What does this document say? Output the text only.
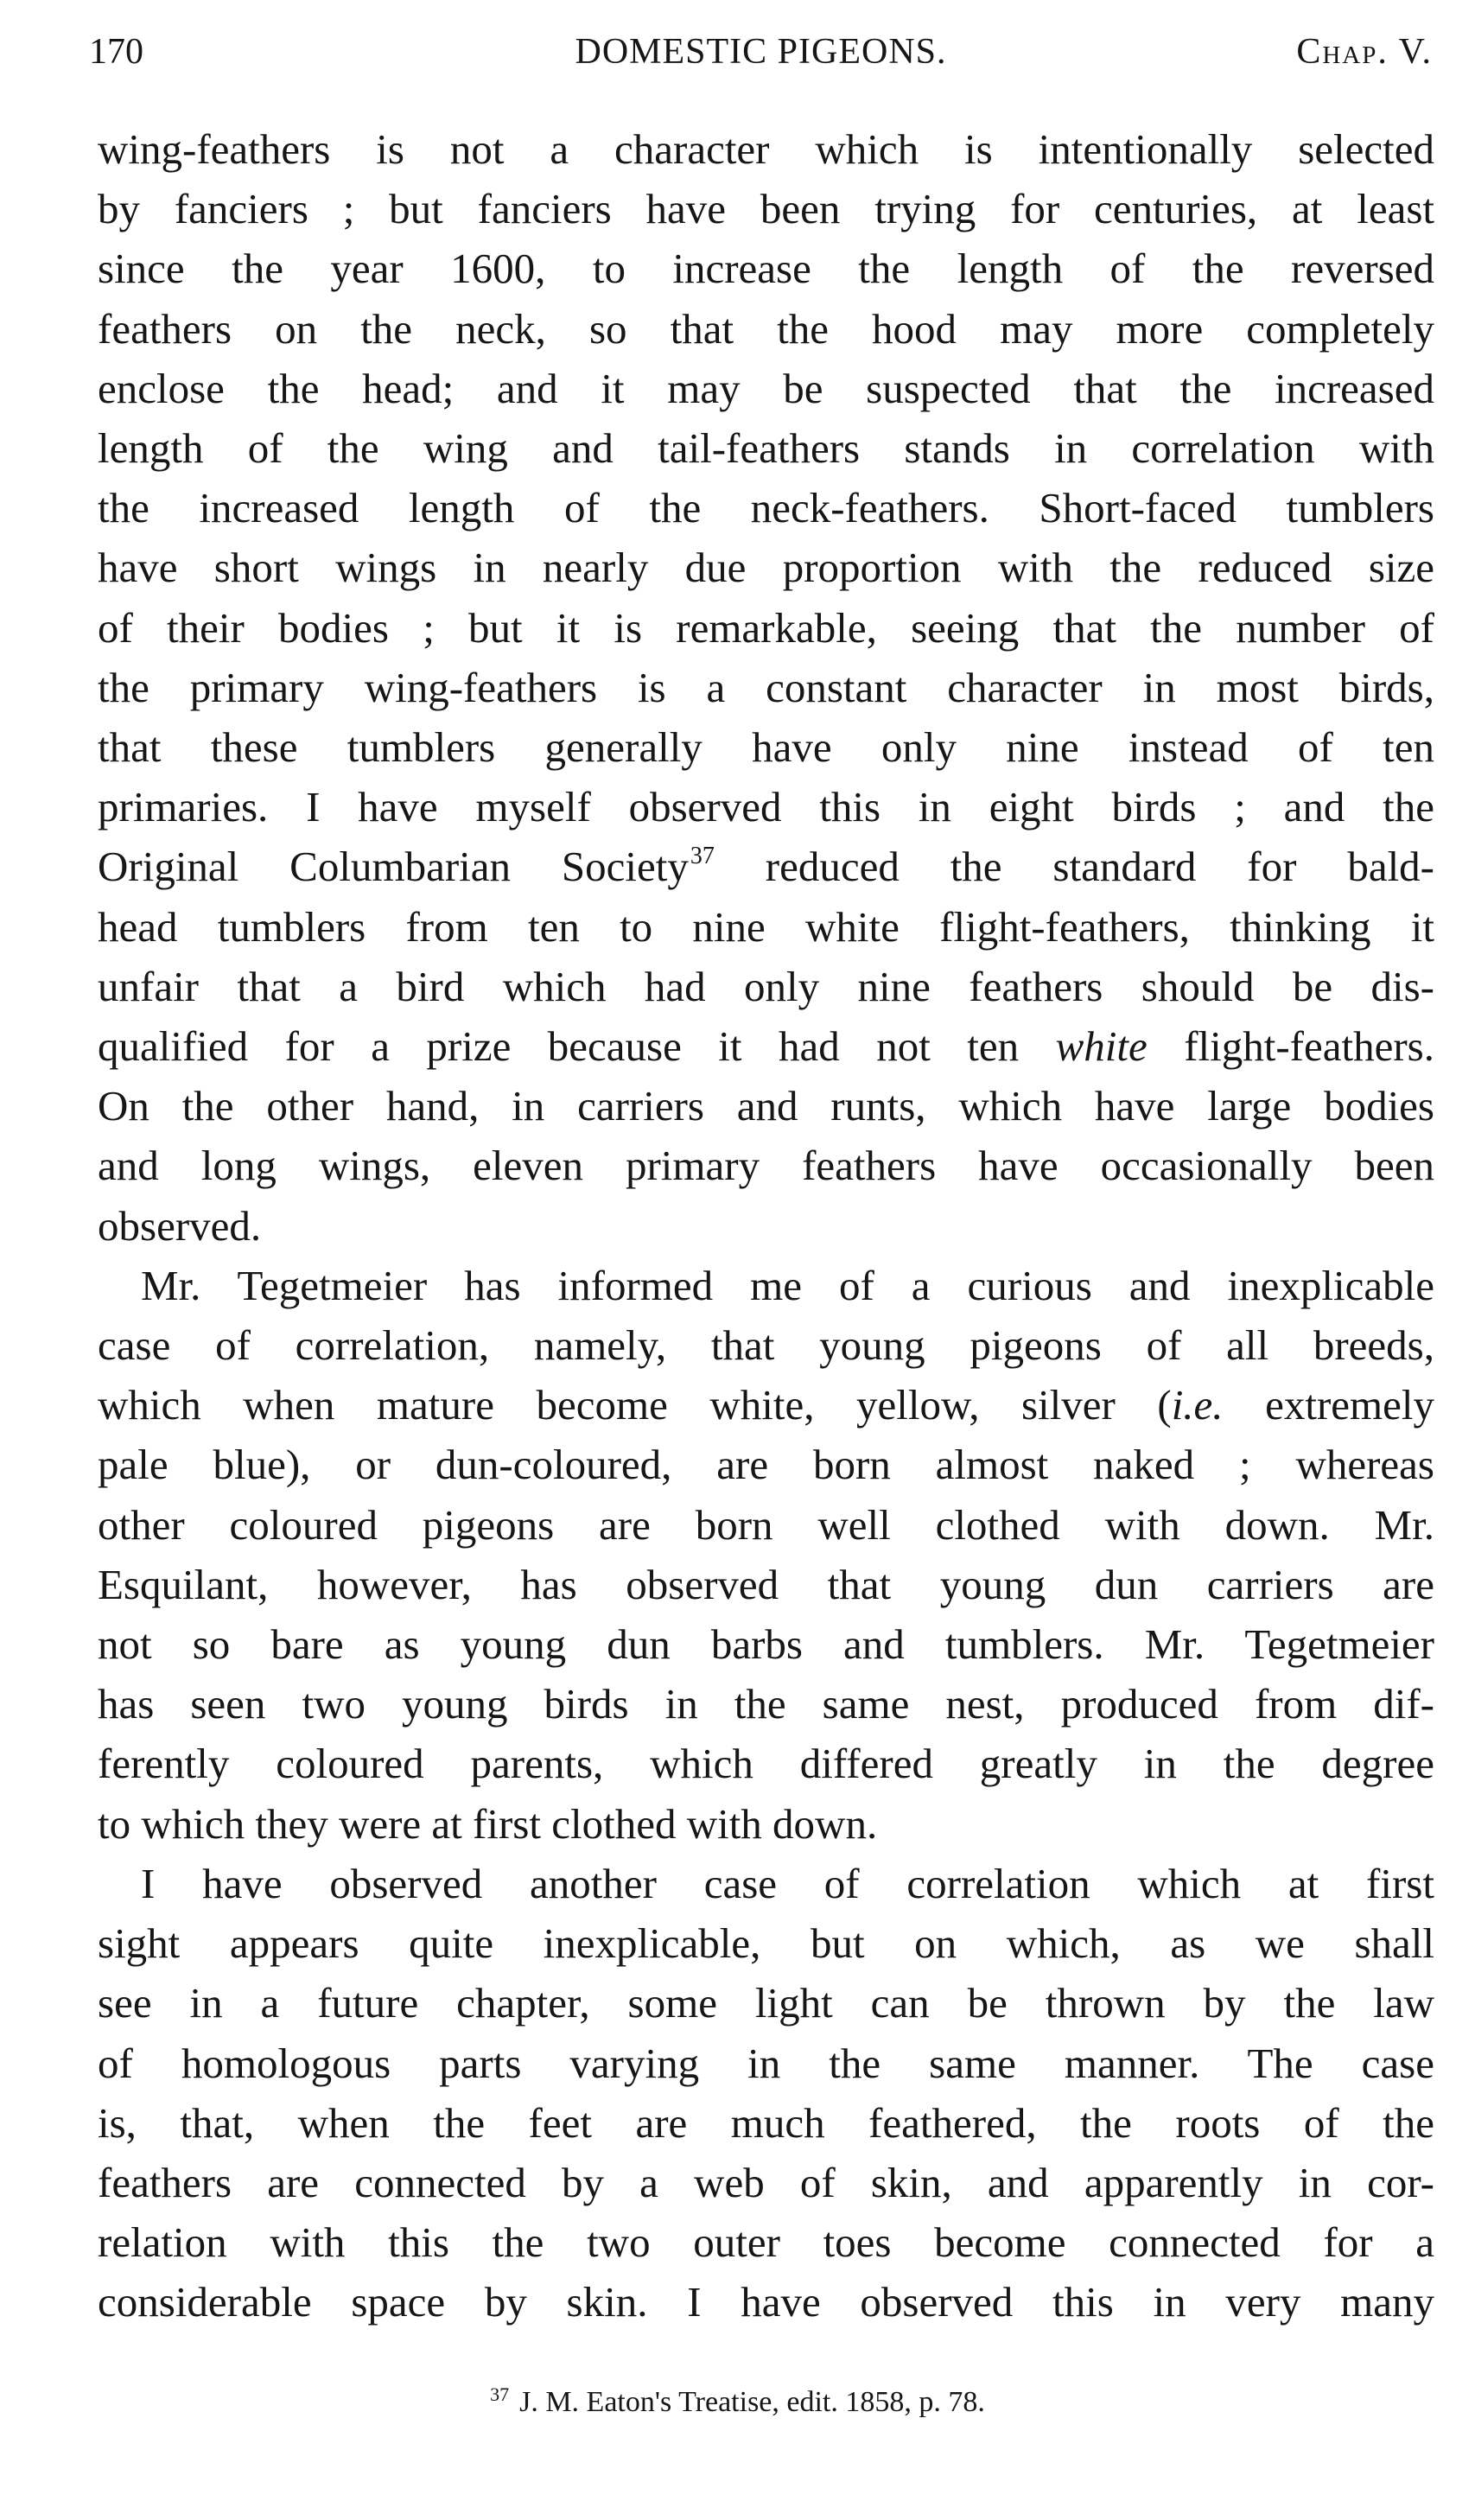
170	DOMESTIC PIGEONS.	Chap. V.

wing-feathers is not a character which is intentionally selected
by fanciers ; but fanciers have been trying for centuries, at least
since the year 1600, to increase the length of the reversed
feathers on the neck, so that the hood may more completely
enclose the head; and it may be suspected that the increased
length of the wing and tail-feathers stands in correlation with
the increased length of the neck-feathers. Short-faced tumblers
have short wings in nearly due proportion with the reduced size
of their bodies ; but it is remarkable, seeing that the number of
the primary wing-feathers is a constant character in most birds,
that these tumblers generally have only nine instead of ten
primaries. I have myself observed this in eight birds ; and the
Original Columbarian Society$^{37}$ reduced the standard for bald-
head tumblers from ten to nine white flight-feathers, thinking it
unfair that a bird which had only nine feathers should be dis-
qualified for a prize because it had not ten white flight-feathers.
On the other hand, in carriers and runts, which have large bodies
and long wings, eleven primary feathers have occasionally been
observed.

Mr. Tegetmeier has informed me of a curious and inexplicable
case of correlation, namely, that young pigeons of all breeds,
which when mature become white, yellow, silver (i.e. extremely
pale blue), or dun-coloured, are born almost naked ; whereas
other coloured pigeons are born well clothed with down. Mr.
Esquilant, however, has observed that young dun carriers are
not so bare as young dun barbs and tumblers. Mr. Tegetmeier
has seen two young birds in the same nest, produced from dif-
ferently coloured parents, which differed greatly in the degree
to which they were at first clothed with down.

I have observed another case of correlation which at first
sight appears quite inexplicable, but on which, as we shall
see in a future chapter, some light can be thrown by the law
of homologous parts varying in the same manner. The case
is, that, when the feet are much feathered, the roots of the
feathers are connected by a web of skin, and apparently in cor-
relation with this the two outer toes become connected for a
considerable space by skin. I have observed this in very many

$^{37}$ J. M. Eaton's Treatise, edit. 1858, p. 78.
